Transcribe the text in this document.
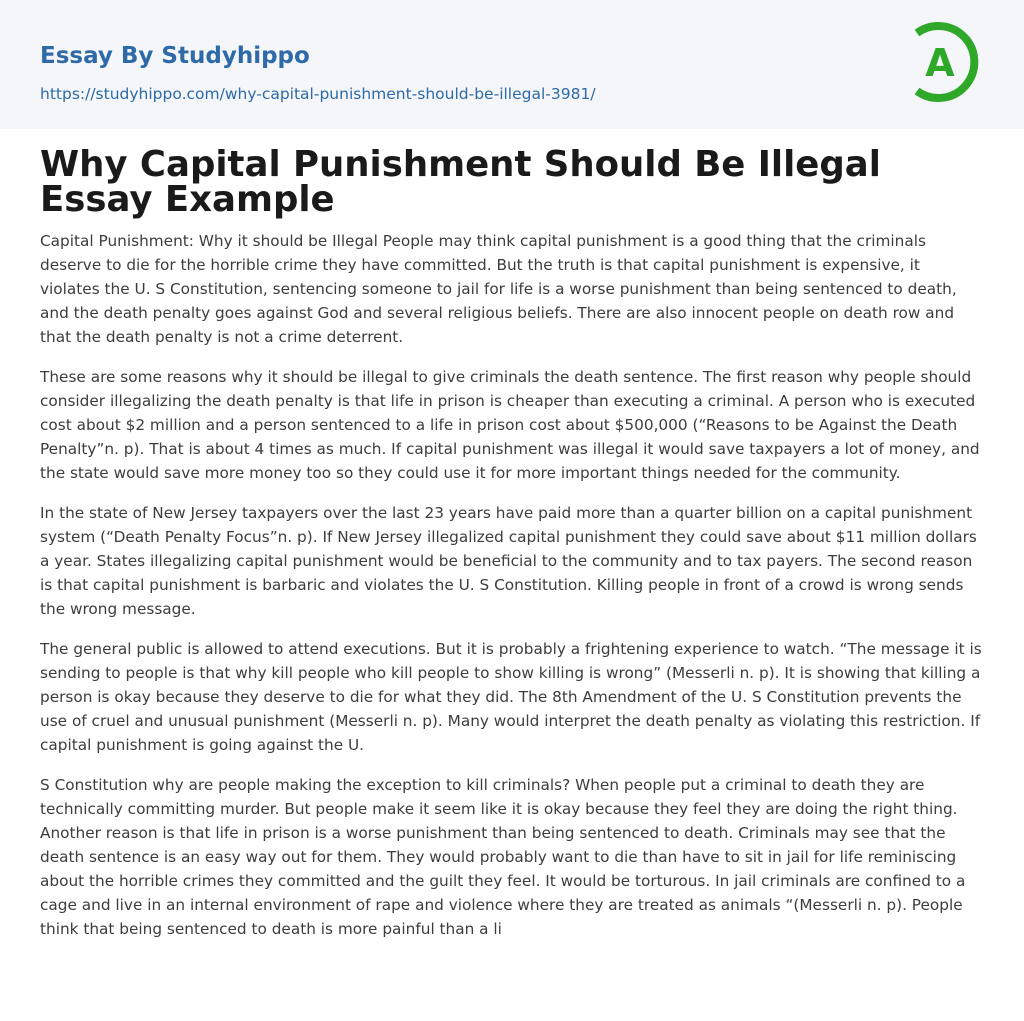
Essay By Studyhippo
https://studyhippo.com/why-capital-punishment-should-be-illegal-3981/
A
Why Capital Punishment Should Be Illegal Essay Example

Capital Punishment: Why it should be Illegal People may think capital punishment is a good thing that the criminals deserve to die for the horrible crime they have committed. But the truth is that capital punishment is expensive, it violates the U. S Constitution, sentencing someone to jail for life is a worse punishment than being sentenced to death, and the death penalty goes against God and several religious beliefs. There are also innocent people on death row and that the death penalty is not a crime deterrent.

These are some reasons why it should be illegal to give criminals the death sentence. The first reason why people should consider illegalizing the death penalty is that life in prison is cheaper than executing a criminal. A person who is executed cost about $2 million and a person sentenced to a life in prison cost about $500,000 (“Reasons to be Against the Death Penalty”n. p). That is about 4 times as much. If capital punishment was illegal it would save taxpayers a lot of money, and the state would save more money too so they could use it for more important things needed for the community.

In the state of New Jersey taxpayers over the last 23 years have paid more than a quarter billion on a capital punishment system (“Death Penalty Focus”n. p). If New Jersey illegalized capital punishment they could save about $11 million dollars a year. States illegalizing capital punishment would be beneficial to the community and to tax payers. The second reason is that capital punishment is barbaric and violates the U. S Constitution. Killing people in front of a crowd is wrong sends the wrong message.

The general public is allowed to attend executions. But it is probably a frightening experience to watch. “The message it is sending to people is that why kill people who kill people to show killing is wrong” (Messerli n. p). It is showing that killing a person is okay because they deserve to die for what they did. The 8th Amendment of the U. S Constitution prevents the use of cruel and unusual punishment (Messerli n. p). Many would interpret the death penalty as violating this restriction. If capital punishment is going against the U.

S Constitution why are people making the exception to kill criminals? When people put a criminal to death they are technically committing murder. But people make it seem like it is okay because they feel they are doing the right thing. Another reason is that life in prison is a worse punishment than being sentenced to death. Criminals may see that the death sentence is an easy way out for them. They would probably want to die than have to sit in jail for life reminiscing about the horrible crimes they committed and the guilt they feel. It would be torturous. In jail criminals are confined to a cage and live in an internal environment of rape and violence where they are treated as animals “(Messerli n. p). People think that being sentenced to death is more painful than a li
